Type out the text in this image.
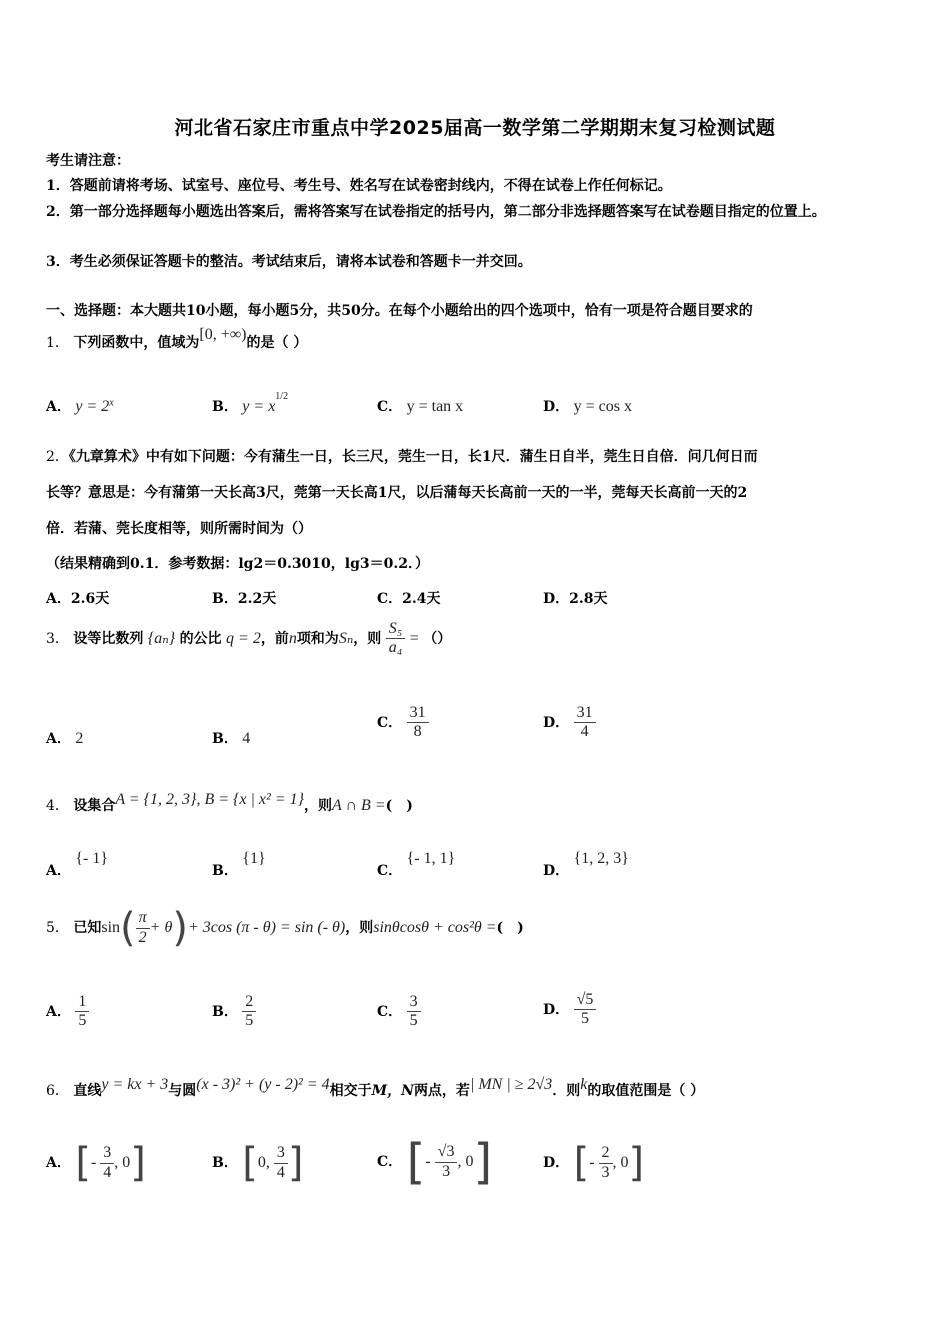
河北省石家庄市重点中学2025届高一数学第二学期期末复习检测试题
考生请注意：
1．答题前请将考场、试室号、座位号、考生号、姓名写在试卷密封线内，不得在试卷上作任何标记。
2．第一部分选择题每小题选出答案后，需将答案写在试卷指定的括号内，第二部分非选择题答案写在试卷题目指定的位置上。
3．考生必须保证答题卡的整洁。考试结束后，请将本试卷和答题卡一并交回。
一、选择题：本大题共10小题，每小题5分，共50分。在每个小题给出的四个选项中，恰有一项是符合题目要求的
1． 下列函数中，值域为[0, +∞)的是（ ）
A． $y = 2^x$	B． $y = x^{1/2}$
C． y = tan x	D． y = cos x
2．《九章算术》中有如下问题：今有蒲生一日，长三尺，莞生一日，长1尺．蒲生日自半，莞生日自倍．问几何日而
长等？意思是：今有蒲第一天长高3尺，莞第一天长高1尺，以后蒲每天长高前一天的一半，莞每天长高前一天的2
倍．若蒲、莞长度相等，则所需时间为（）
（结果精确到0.1．参考数据：lg2＝0.3010，lg3＝0.2．）
A．2.6天	B．2.2天	C．2.4天	D．2.8天
3． 设等比数列 {aₙ} 的公比 q = 2，前n项和为Sₙ，则 $\frac{\text{S₅}}{\text{a₄}}$ = （）
A． 2	B． 4
C． $\frac{31}{8}$	D． $\frac{31}{4}$
4． 设集合A = {1, 2, 3}, B = {x | x² = 1}，则A ∩ B =(　)
A． {- 1}
B． {1}
C． {- 1, 1}
D． {1, 2, 3}
5． 已知$\sin( \frac{\pi}{2} + \theta)+ 3\cos$ (π - θ) = sin (- θ)，则sinθcosθ + cos²θ =(　)
A． $\frac{1}{5}$	B． $\frac{2}{5}$	C． $\frac{3}{5}$	D． $\frac{√5}{5}$
6． 直线y = kx + 3与圆(x - 3)² + (y - 2)² = 4相交于M，N两点，若| MN | ≥ 2√3．则k的取值范围是（ ）
A． [- $\frac{3}{4}$ , 0]	B． [0, $\frac{3}{4}$ ]	C． [- $\frac{√3}{3}$ , 0]	D． [- $\frac{2}{3}$ , 0]
